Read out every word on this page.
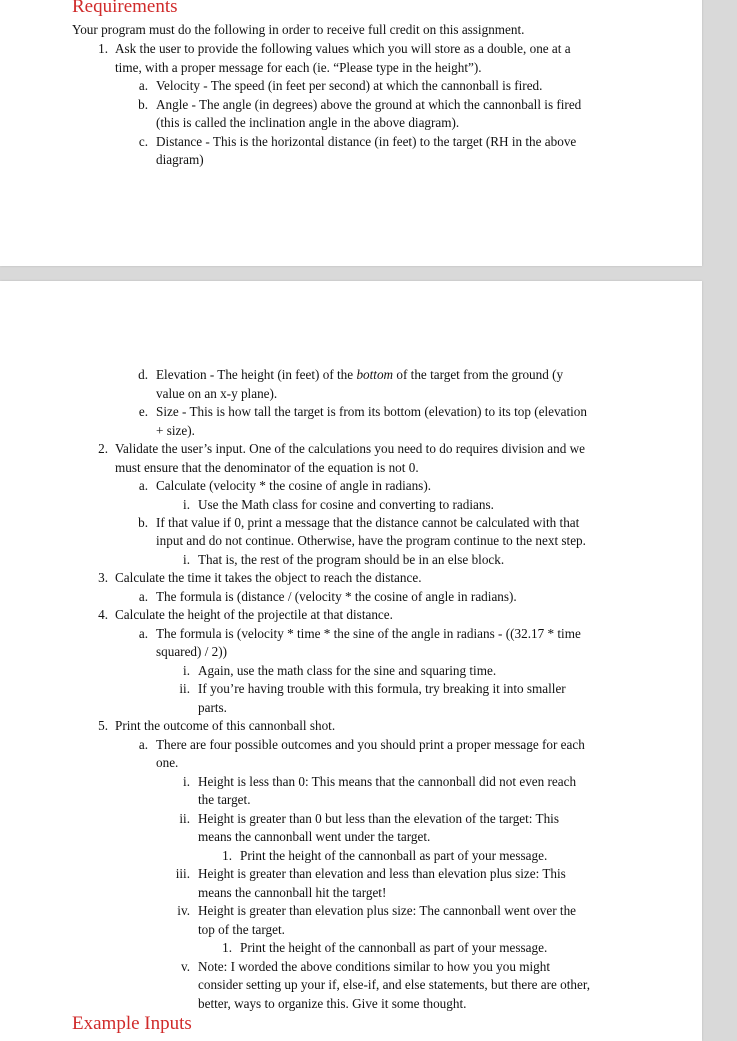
Requirements
Your program must do the following in order to receive full credit on this assignment.
1. Ask the user to provide the following values which you will store as a double, one at a
time, with a proper message for each (ie. “Please type in the height”).
a. Velocity - The speed (in feet per second) at which the cannonball is fired.
b. Angle - The angle (in degrees) above the ground at which the cannonball is fired
(this is called the inclination angle in the above diagram).
c. Distance - This is the horizontal distance (in feet) to the target (RH in the above
diagram)
d. Elevation - The height (in feet) of the bottom of the target from the ground (y
value on an x-y plane).
e. Size - This is how tall the target is from its bottom (elevation) to its top (elevation
+ size).
2. Validate the user’s input. One of the calculations you need to do requires division and we
must ensure that the denominator of the equation is not 0.
a. Calculate (velocity * the cosine of angle in radians).
i. Use the Math class for cosine and converting to radians.
b. If that value if 0, print a message that the distance cannot be calculated with that
input and do not continue. Otherwise, have the program continue to the next step.
i. That is, the rest of the program should be in an else block.
3. Calculate the time it takes the object to reach the distance.
a. The formula is (distance / (velocity * the cosine of angle in radians).
4. Calculate the height of the projectile at that distance.
a. The formula is (velocity * time * the sine of the angle in radians - ((32.17 * time
squared) / 2))
i. Again, use the math class for the sine and squaring time.
ii. If you’re having trouble with this formula, try breaking it into smaller
parts.
5. Print the outcome of this cannonball shot.
a. There are four possible outcomes and you should print a proper message for each
one.
i. Height is less than 0: This means that the cannonball did not even reach
the target.
ii. Height is greater than 0 but less than the elevation of the target: This
means the cannonball went under the target.
1. Print the height of the cannonball as part of your message.
iii. Height is greater than elevation and less than elevation plus size: This
means the cannonball hit the target!
iv. Height is greater than elevation plus size: The cannonball went over the
top of the target.
1. Print the height of the cannonball as part of your message.
v. Note: I worded the above conditions similar to how you you might
consider setting up your if, else-if, and else statements, but there are other,
better, ways to organize this. Give it some thought.
Example Inputs
